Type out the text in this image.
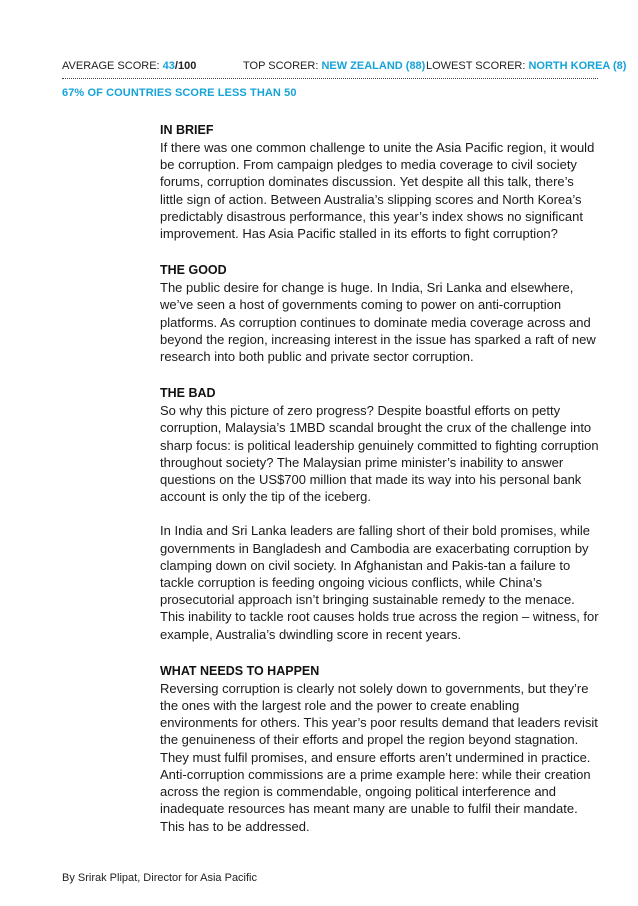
AVERAGE SCORE: 43/100	TOP SCORER: NEW ZEALAND (88) LOWEST SCORER: NORTH KOREA (8)
67% OF COUNTRIES SCORE LESS THAN 50
IN BRIEF

If there was one common challenge to unite the Asia Pacific region, it would be corruption. From campaign pledges to media coverage to civil society forums, corruption dominates discussion. Yet despite all this talk, there’s little sign of action. Between Australia’s slipping scores and North Korea’s predictably disastrous performance, this year’s index shows no significant improvement. Has Asia Pacific stalled in its efforts to fight corruption?

THE GOOD

The public desire for change is huge. In India, Sri Lanka and elsewhere, we’ve seen a host of governments coming to power on anti-corruption platforms. As corruption continues to dominate media coverage across and beyond the region, increasing interest in the issue has sparked a raft of new research into both public and private sector corruption.

THE BAD

So why this picture of zero progress? Despite boastful efforts on petty corruption, Malaysia’s 1MBD scandal brought the crux of the challenge into sharp focus: is political leadership genuinely committed to fighting corruption throughout society? The Malaysian prime minister’s inability to answer questions on the US$700 million that made its way into his personal bank account is only the tip of the iceberg.

In India and Sri Lanka leaders are falling short of their bold promises, while governments in Bangladesh and Cambodia are exacerbating corruption by clamping down on civil society. In Afghanistan and Pakis-tan a failure to tackle corruption is feeding ongoing vicious conflicts, while China’s prosecutorial approach isn’t bringing sustainable remedy to the menace. This inability to tackle root causes holds true across the region – witness, for example, Australia’s dwindling score in recent years.

WHAT NEEDS TO HAPPEN

Reversing corruption is clearly not solely down to governments, but they’re the ones with the largest role and the power to create enabling environments for others. This year’s poor results demand that leaders revisit the genuineness of their efforts and propel the region beyond stagnation. They must fulfil promises, and ensure efforts aren’t undermined in practice. Anti-corruption commissions are a prime example here: while their creation across the region is commendable, ongoing political interference and inadequate resources has meant many are unable to fulfil their mandate. This has to be addressed.

By Srirak Plipat, Director for Asia Pacific
